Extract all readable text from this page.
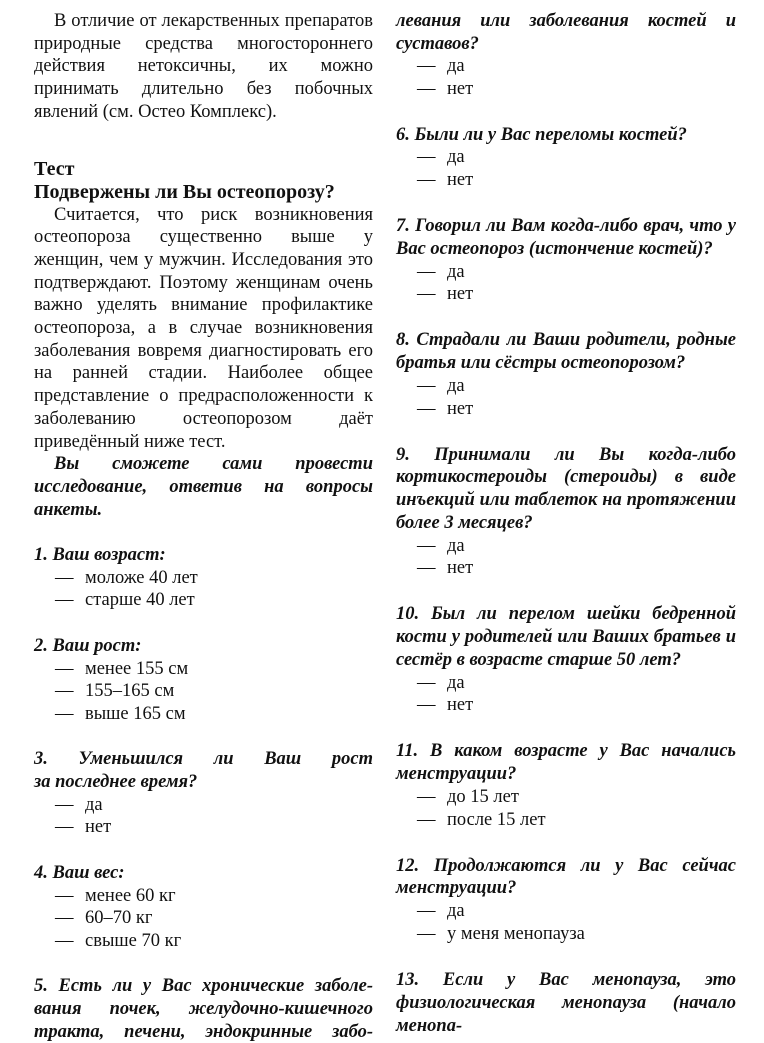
В отличие от лекарственных препаратов природные средства многостороннего действия нетоксичны, их можно принимать длительно без побочных явлений (см. Остео Комплекс).

Тест

Подвержены ли Вы остеопорозу?

Считается, что риск возникновения остеопороза существенно выше у женщин, чем у мужчин. Исследования это подтверждают. Поэтому женщинам очень важно уделять внимание профилактике остеопороза, а в случае возникновения заболевания вовремя диагностировать его на ранней стадии. Наиболее общее представление о предрасположенности к заболеванию остеопорозом даёт приведённый ниже тест.

Вы сможете сами провести исследование, ответив на вопросы анкеты.

1. Ваш возраст:

— моложе 40 лет

— старше 40 лет

2. Ваш рост:

— менее 155 см

— 155–165 см

— выше 165 см

3. Уменьшился ли Ваш рост

за последнее время?

— да

— нет

4. Ваш вес:

— менее 60 кг

— 60–70 кг

— свыше 70 кг

5. Есть ли у Вас хронические заболе-

вания почек, желудочно-кишечного

тракта, печени, эндокринные забо-

левания или заболевания костей и суставов?

— да

— нет

6. Были ли у Вас переломы костей?

— да

— нет

7. Говорил ли Вам когда-либо врач, что у Вас остеопороз (истончение костей)?

— да

— нет

8. Страдали ли Ваши родители, родные братья или сёстры остеопорозом?

— да

— нет

9. Принимали ли Вы когда-либо кортикостероиды (стероиды) в виде инъекций или таблеток на протяжении более 3 месяцев?

— да

— нет

10. Был ли перелом шейки бедренной кости у родителей или Ваших братьев и сестёр в возрасте старше 50 лет?

— да

— нет

11. В каком возрасте у Вас начались менструации?

— до 15 лет

— после 15 лет

12. Продолжаются ли у Вас сейчас менструации?

— да

— у меня менопауза

13. Если у Вас менопауза, это физиологическая менопауза (начало менопа-
